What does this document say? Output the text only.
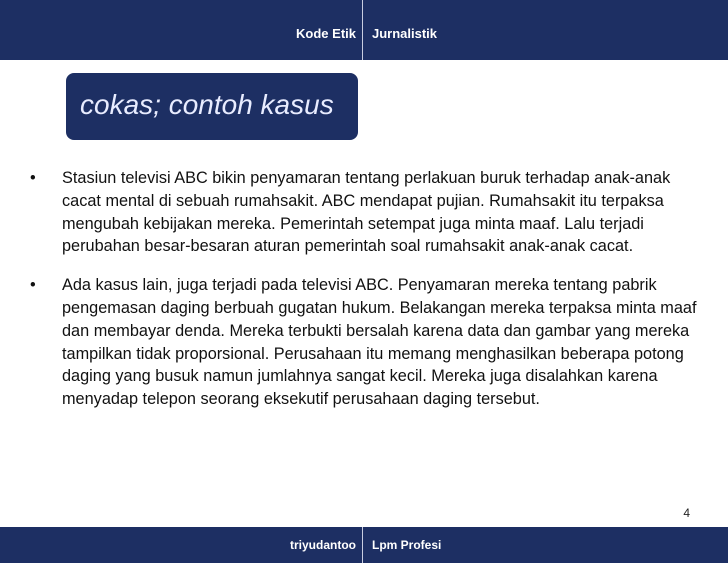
Kode Etik Jurnalistik
cokas; contoh kasus
•	Stasiun televisi ABC bikin penyamaran tentang perlakuan buruk terhadap anak-anak cacat mental di sebuah rumahsakit. ABC mendapat pujian. Rumahsakit itu terpaksa mengubah kebijakan mereka. Pemerintah setempat juga minta maaf. Lalu terjadi perubahan besar-besaran aturan pemerintah soal rumahsakit anak-anak cacat.
•	Ada kasus lain, juga terjadi pada televisi ABC. Penyamaran mereka tentang pabrik pengemasan daging berbuah gugatan hukum. Belakangan mereka terpaksa minta maaf dan membayar denda. Mereka terbukti bersalah karena data dan gambar yang mereka tampilkan tidak proporsional. Perusahaan itu memang menghasilkan beberapa potong daging yang busuk namun jumlahnya sangat kecil. Mereka juga disalahkan karena menyadap telepon seorang eksekutif perusahaan daging tersebut.
4
triyudantoo Lpm Profesi
